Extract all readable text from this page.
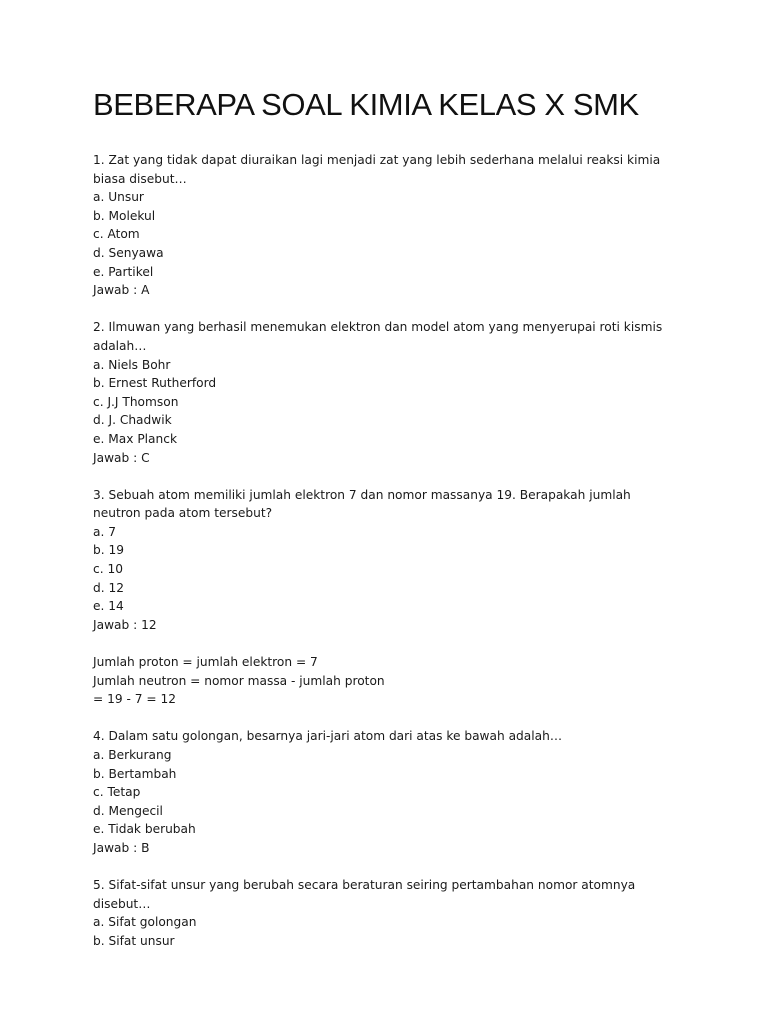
BEBERAPA SOAL KIMIA KELAS X SMK
1. Zat yang tidak dapat diuraikan lagi menjadi zat yang lebih sederhana melalui reaksi kimia
biasa disebut…
a. Unsur
b. Molekul
c. Atom
d. Senyawa
e. Partikel
Jawab : A
2. Ilmuwan yang berhasil menemukan elektron dan model atom yang menyerupai roti kismis
adalah…
a. Niels Bohr
b. Ernest Rutherford
c. J.J Thomson
d. J. Chadwik
e. Max Planck
Jawab : C
3. Sebuah atom memiliki jumlah elektron 7 dan nomor massanya 19. Berapakah jumlah
neutron pada atom tersebut?
a. 7
b. 19
c. 10
d. 12
e. 14
Jawab : 12
Jumlah proton = jumlah elektron = 7
Jumlah neutron = nomor massa - jumlah proton
= 19 - 7 = 12
4. Dalam satu golongan, besarnya jari-jari atom dari atas ke bawah adalah…
a. Berkurang
b. Bertambah
c. Tetap
d. Mengecil
e. Tidak berubah
Jawab : B
5. Sifat-sifat unsur yang berubah secara beraturan seiring pertambahan nomor atomnya
disebut…
a. Sifat golongan
b. Sifat unsur
